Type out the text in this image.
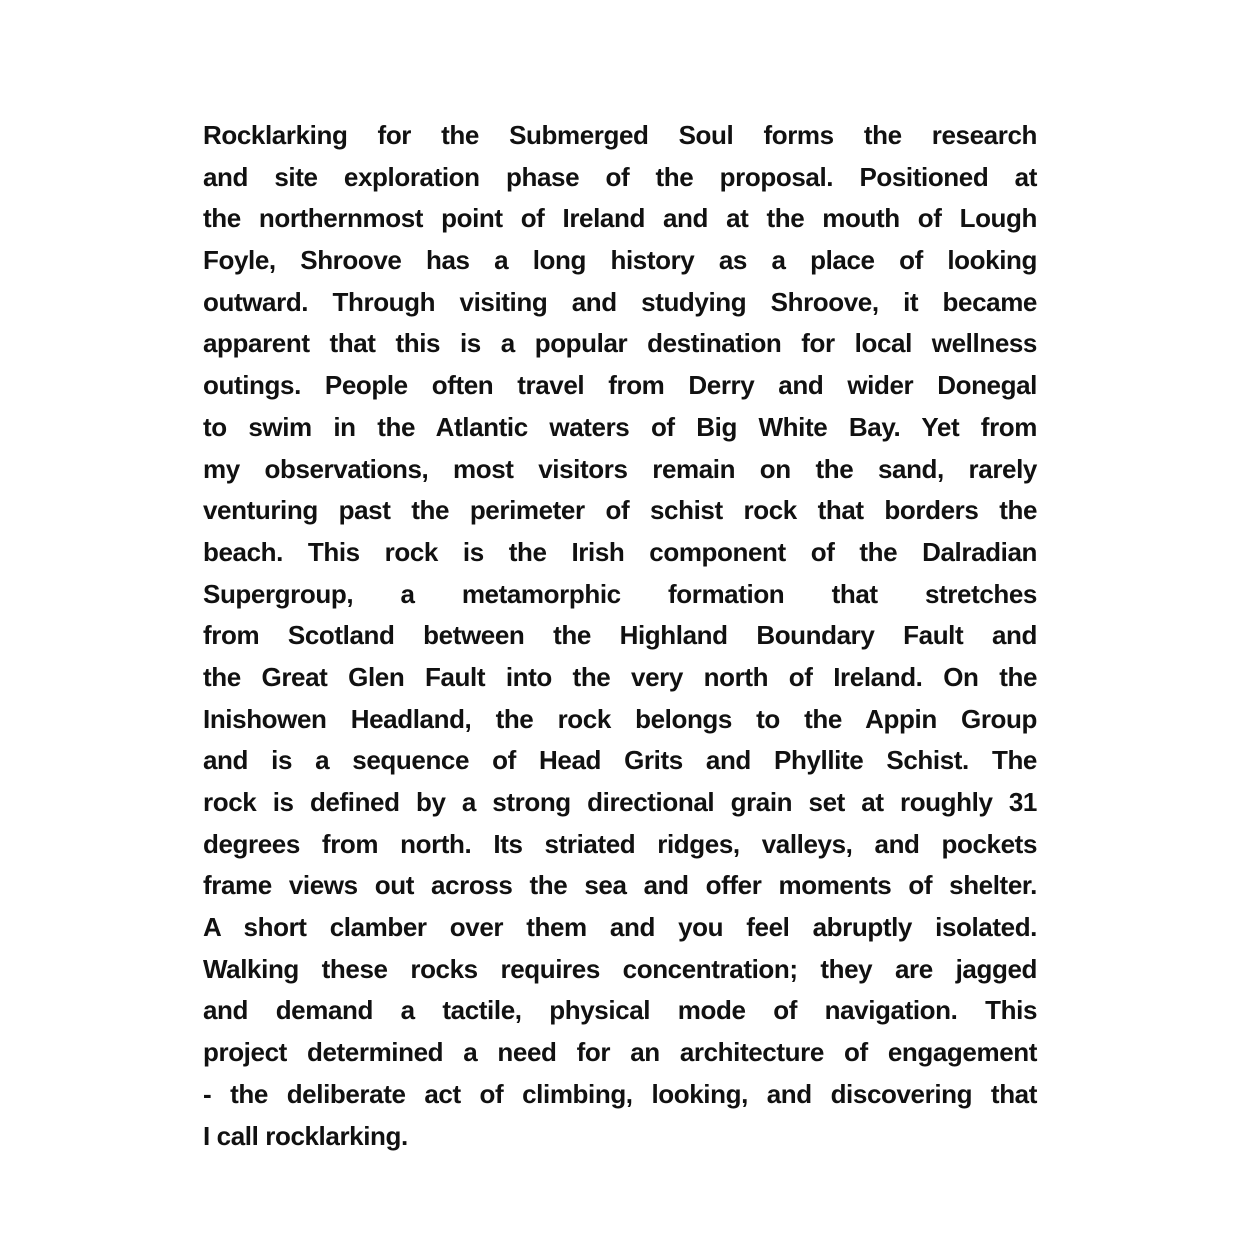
Rocklarking for the Submerged Soul forms the research
and site exploration phase of the proposal. Positioned at
the northernmost point of Ireland and at the mouth of Lough
Foyle, Shroove has a long history as a place of looking
outward. Through visiting and studying Shroove, it became
apparent that this is a popular destination for local wellness
outings. People often travel from Derry and wider Donegal
to swim in the Atlantic waters of Big White Bay. Yet from
my observations, most visitors remain on the sand, rarely
venturing past the perimeter of schist rock that borders the
beach. This rock is the Irish component of the Dalradian
Supergroup, a metamorphic formation that stretches
from Scotland between the Highland Boundary Fault and
the Great Glen Fault into the very north of Ireland. On the
Inishowen Headland, the rock belongs to the Appin Group
and is a sequence of Head Grits and Phyllite Schist. The
rock is defined by a strong directional grain set at roughly 31
degrees from north. Its striated ridges, valleys, and pockets
frame views out across the sea and offer moments of shelter.
A short clamber over them and you feel abruptly isolated.
Walking these rocks requires concentration; they are jagged
and demand a tactile, physical mode of navigation. This
project determined a need for an architecture of engagement
- the deliberate act of climbing, looking, and discovering that
I call rocklarking.
